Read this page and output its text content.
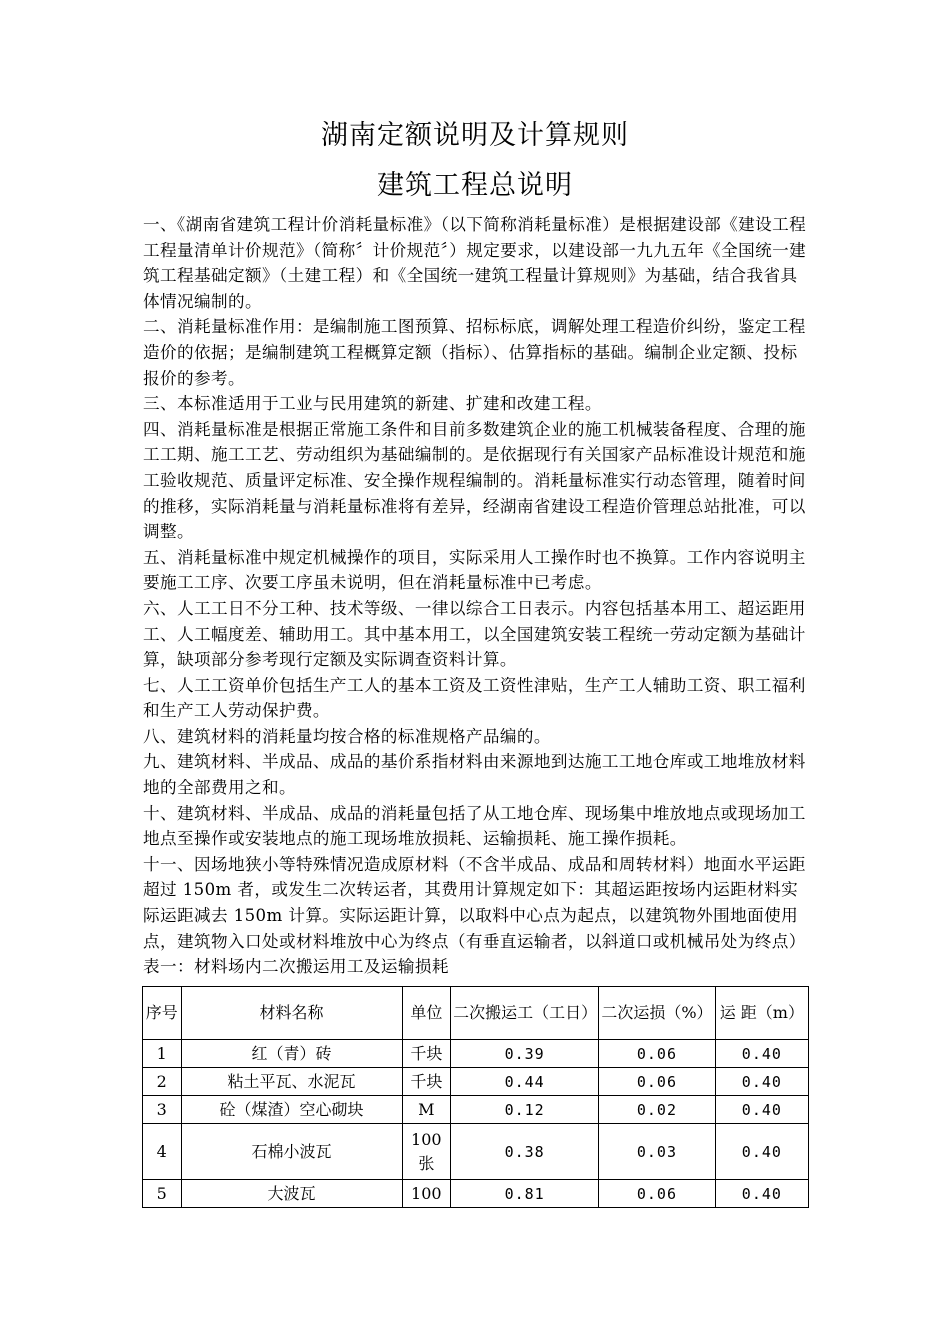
湖南定额说明及计算规则
建筑工程总说明

一、《湖南省建筑工程计价消耗量标准》（以下简称消耗量标准）是根据建设部《建设工程工程量清单计价规范》（简称〞计价规范〞）规定要求，以建设部一九九五年《全国统一建筑工程基础定额》（土建工程）和《全国统一建筑工程量计算规则》为基础，结合我省具体情况编制的。

二、消耗量标准作用：是编制施工图预算、招标标底，调解处理工程造价纠纷，鉴定工程造价的依据；是编制建筑工程概算定额（指标）、估算指标的基础。编制企业定额、投标报价的参考。

三、本标准适用于工业与民用建筑的新建、扩建和改建工程。

四、消耗量标准是根据正常施工条件和目前多数建筑企业的施工机械装备程度、合理的施工工期、施工工艺、劳动组织为基础编制的。是依据现行有关国家产品标准设计规范和施工验收规范、质量评定标准、安全操作规程编制的。消耗量标准实行动态管理，随着时间的推移，实际消耗量与消耗量标准将有差异，经湖南省建设工程造价管理总站批准，可以调整。

五、消耗量标准中规定机械操作的项目，实际采用人工操作时也不换算。工作内容说明主要施工工序、次要工序虽未说明，但在消耗量标准中已考虑。

六、人工工日不分工种、技术等级、一律以综合工日表示。内容包括基本用工、超运距用工、人工幅度差、辅助用工。其中基本用工，以全国建筑安装工程统一劳动定额为基础计算，缺项部分参考现行定额及实际调查资料计算。

七、人工工资单价包括生产工人的基本工资及工资性津贴，生产工人辅助工资、职工福利和生产工人劳动保护费。

八、建筑材料的消耗量均按合格的标准规格产品编的。

九、建筑材料、半成品、成品的基价系指材料由来源地到达施工工地仓库或工地堆放材料地的全部费用之和。

十、建筑材料、半成品、成品的消耗量包括了从工地仓库、现场集中堆放地点或现场加工地点至操作或安装地点的施工现场堆放损耗、运输损耗、施工操作损耗。

十一、因场地狭小等特殊情况造成原材料（不含半成品、成品和周转材料）地面水平运距超过 150m 者，或发生二次转运者，其费用计算规定如下：其超运距按场内运距材料实际运距减去 150m 计算。实际运距计算，以取料中心点为起点，以建筑物外围地面使用点，建筑物入口处或材料堆放中心为终点（有垂直运输者，以斜道口或机械吊处为终点）

表一：材料场内二次搬运用工及运输损耗

序号	材料名称	单位	二次搬运工（工日）	二次运损（%）	运 距（m）
1	红（青）砖	千块	0.39	0.06	0.40
2	粘土平瓦、水泥瓦	千块	0.44	0.06	0.40
3	砼（煤渣）空心砌块	M	0.12	0.02	0.40
4	石棉小波瓦	100张	0.38	0.03	0.40
5	大波瓦	100	0.81	0.06	0.40
